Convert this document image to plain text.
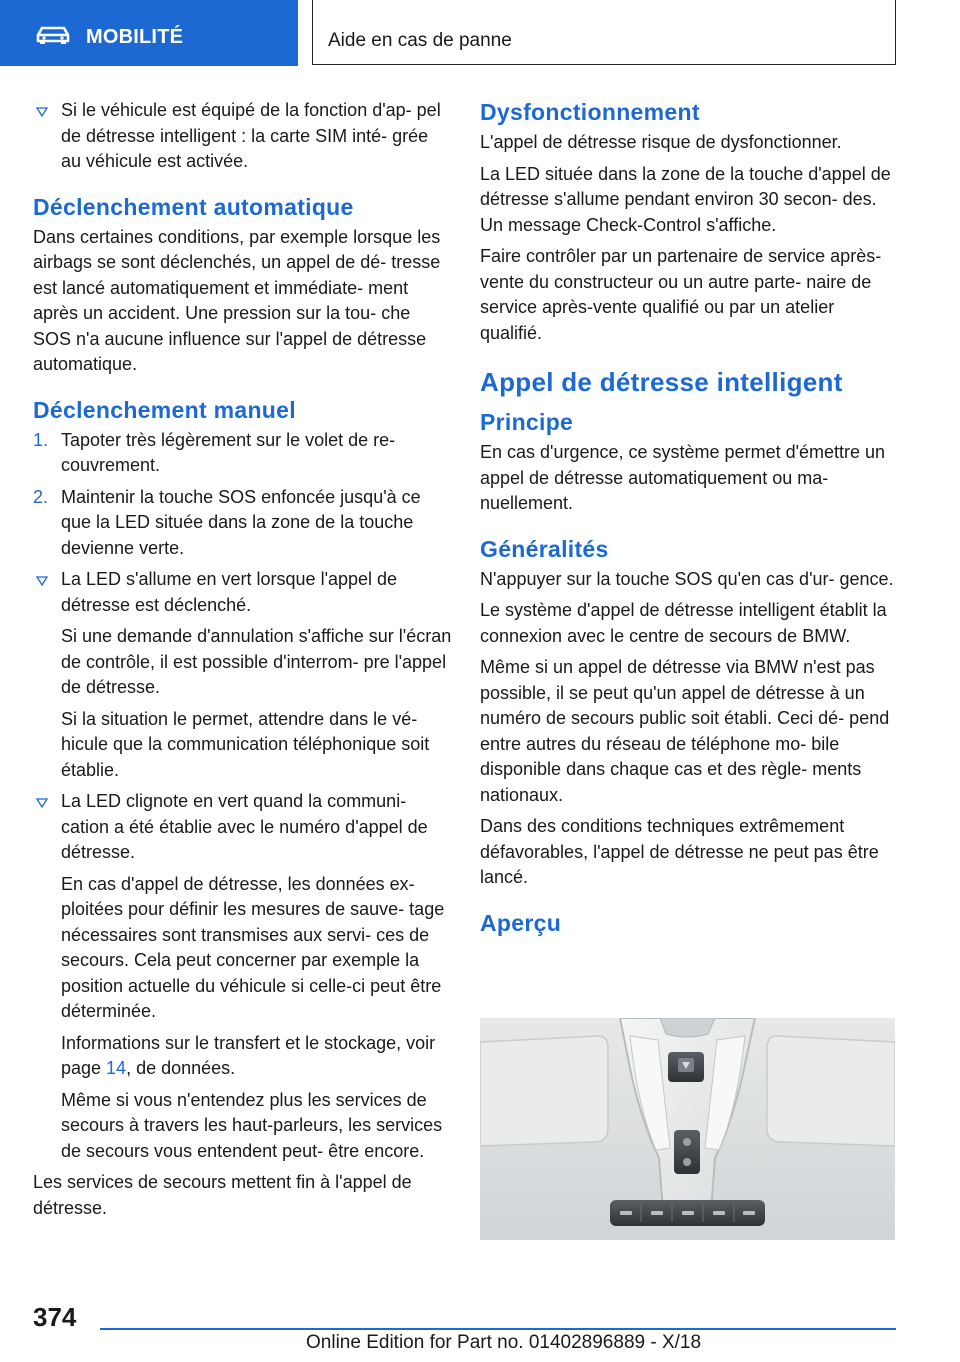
MOBILITÉ	Aide en cas de panne
Si le véhicule est équipé de la fonction d'ap- pel de détresse intelligent : la carte SIM inté- grée au véhicule est activée.
Déclenchement automatique
Dans certaines conditions, par exemple lorsque les airbags se sont déclenchés, un appel de dé- tresse est lancé automatiquement et immédiate- ment après un accident. Une pression sur la tou- che SOS n'a aucune influence sur l'appel de détresse automatique.
Déclenchement manuel
1. Tapoter très légèrement sur le volet de re- couvrement.
2. Maintenir la touche SOS enfoncée jusqu'à ce que la LED située dans la zone de la touche devienne verte.
La LED s'allume en vert lorsque l'appel de détresse est déclenché.
Si une demande d'annulation s'affiche sur l'écran de contrôle, il est possible d'interrom- pre l'appel de détresse.
Si la situation le permet, attendre dans le vé- hicule que la communication téléphonique soit établie.
La LED clignote en vert quand la communi- cation a été établie avec le numéro d'appel de détresse.
En cas d'appel de détresse, les données ex- ploitées pour définir les mesures de sauve- tage nécessaires sont transmises aux servi- ces de secours. Cela peut concerner par exemple la position actuelle du véhicule si celle-ci peut être déterminée.
Informations sur le transfert et le stockage, voir page 14, de données.
Même si vous n'entendez plus les services de secours à travers les haut-parleurs, les services de secours vous entendent peut- être encore.
Les services de secours mettent fin à l'appel de détresse.
Dysfonctionnement
L'appel de détresse risque de dysfonctionner.
La LED située dans la zone de la touche d'appel de détresse s'allume pendant environ 30 secon- des. Un message Check-Control s'affiche.
Faire contrôler par un partenaire de service après-vente du constructeur ou un autre parte- naire de service après-vente qualifié ou par un atelier qualifié.
Appel de détresse intelligent
Principe
En cas d'urgence, ce système permet d'émettre un appel de détresse automatiquement ou ma- nuellement.
Généralités
N'appuyer sur la touche SOS qu'en cas d'ur- gence.
Le système d'appel de détresse intelligent établit la connexion avec le centre de secours de BMW.
Même si un appel de détresse via BMW n'est pas possible, il se peut qu'un appel de détresse à un numéro de secours public soit établi. Ceci dé- pend entre autres du réseau de téléphone mo- bile disponible dans chaque cas et des règle- ments nationaux.
Dans des conditions techniques extrêmement défavorables, l'appel de détresse ne peut pas être lancé.
Aperçu
374
Online Edition for Part no. 01402896889 - X/18
